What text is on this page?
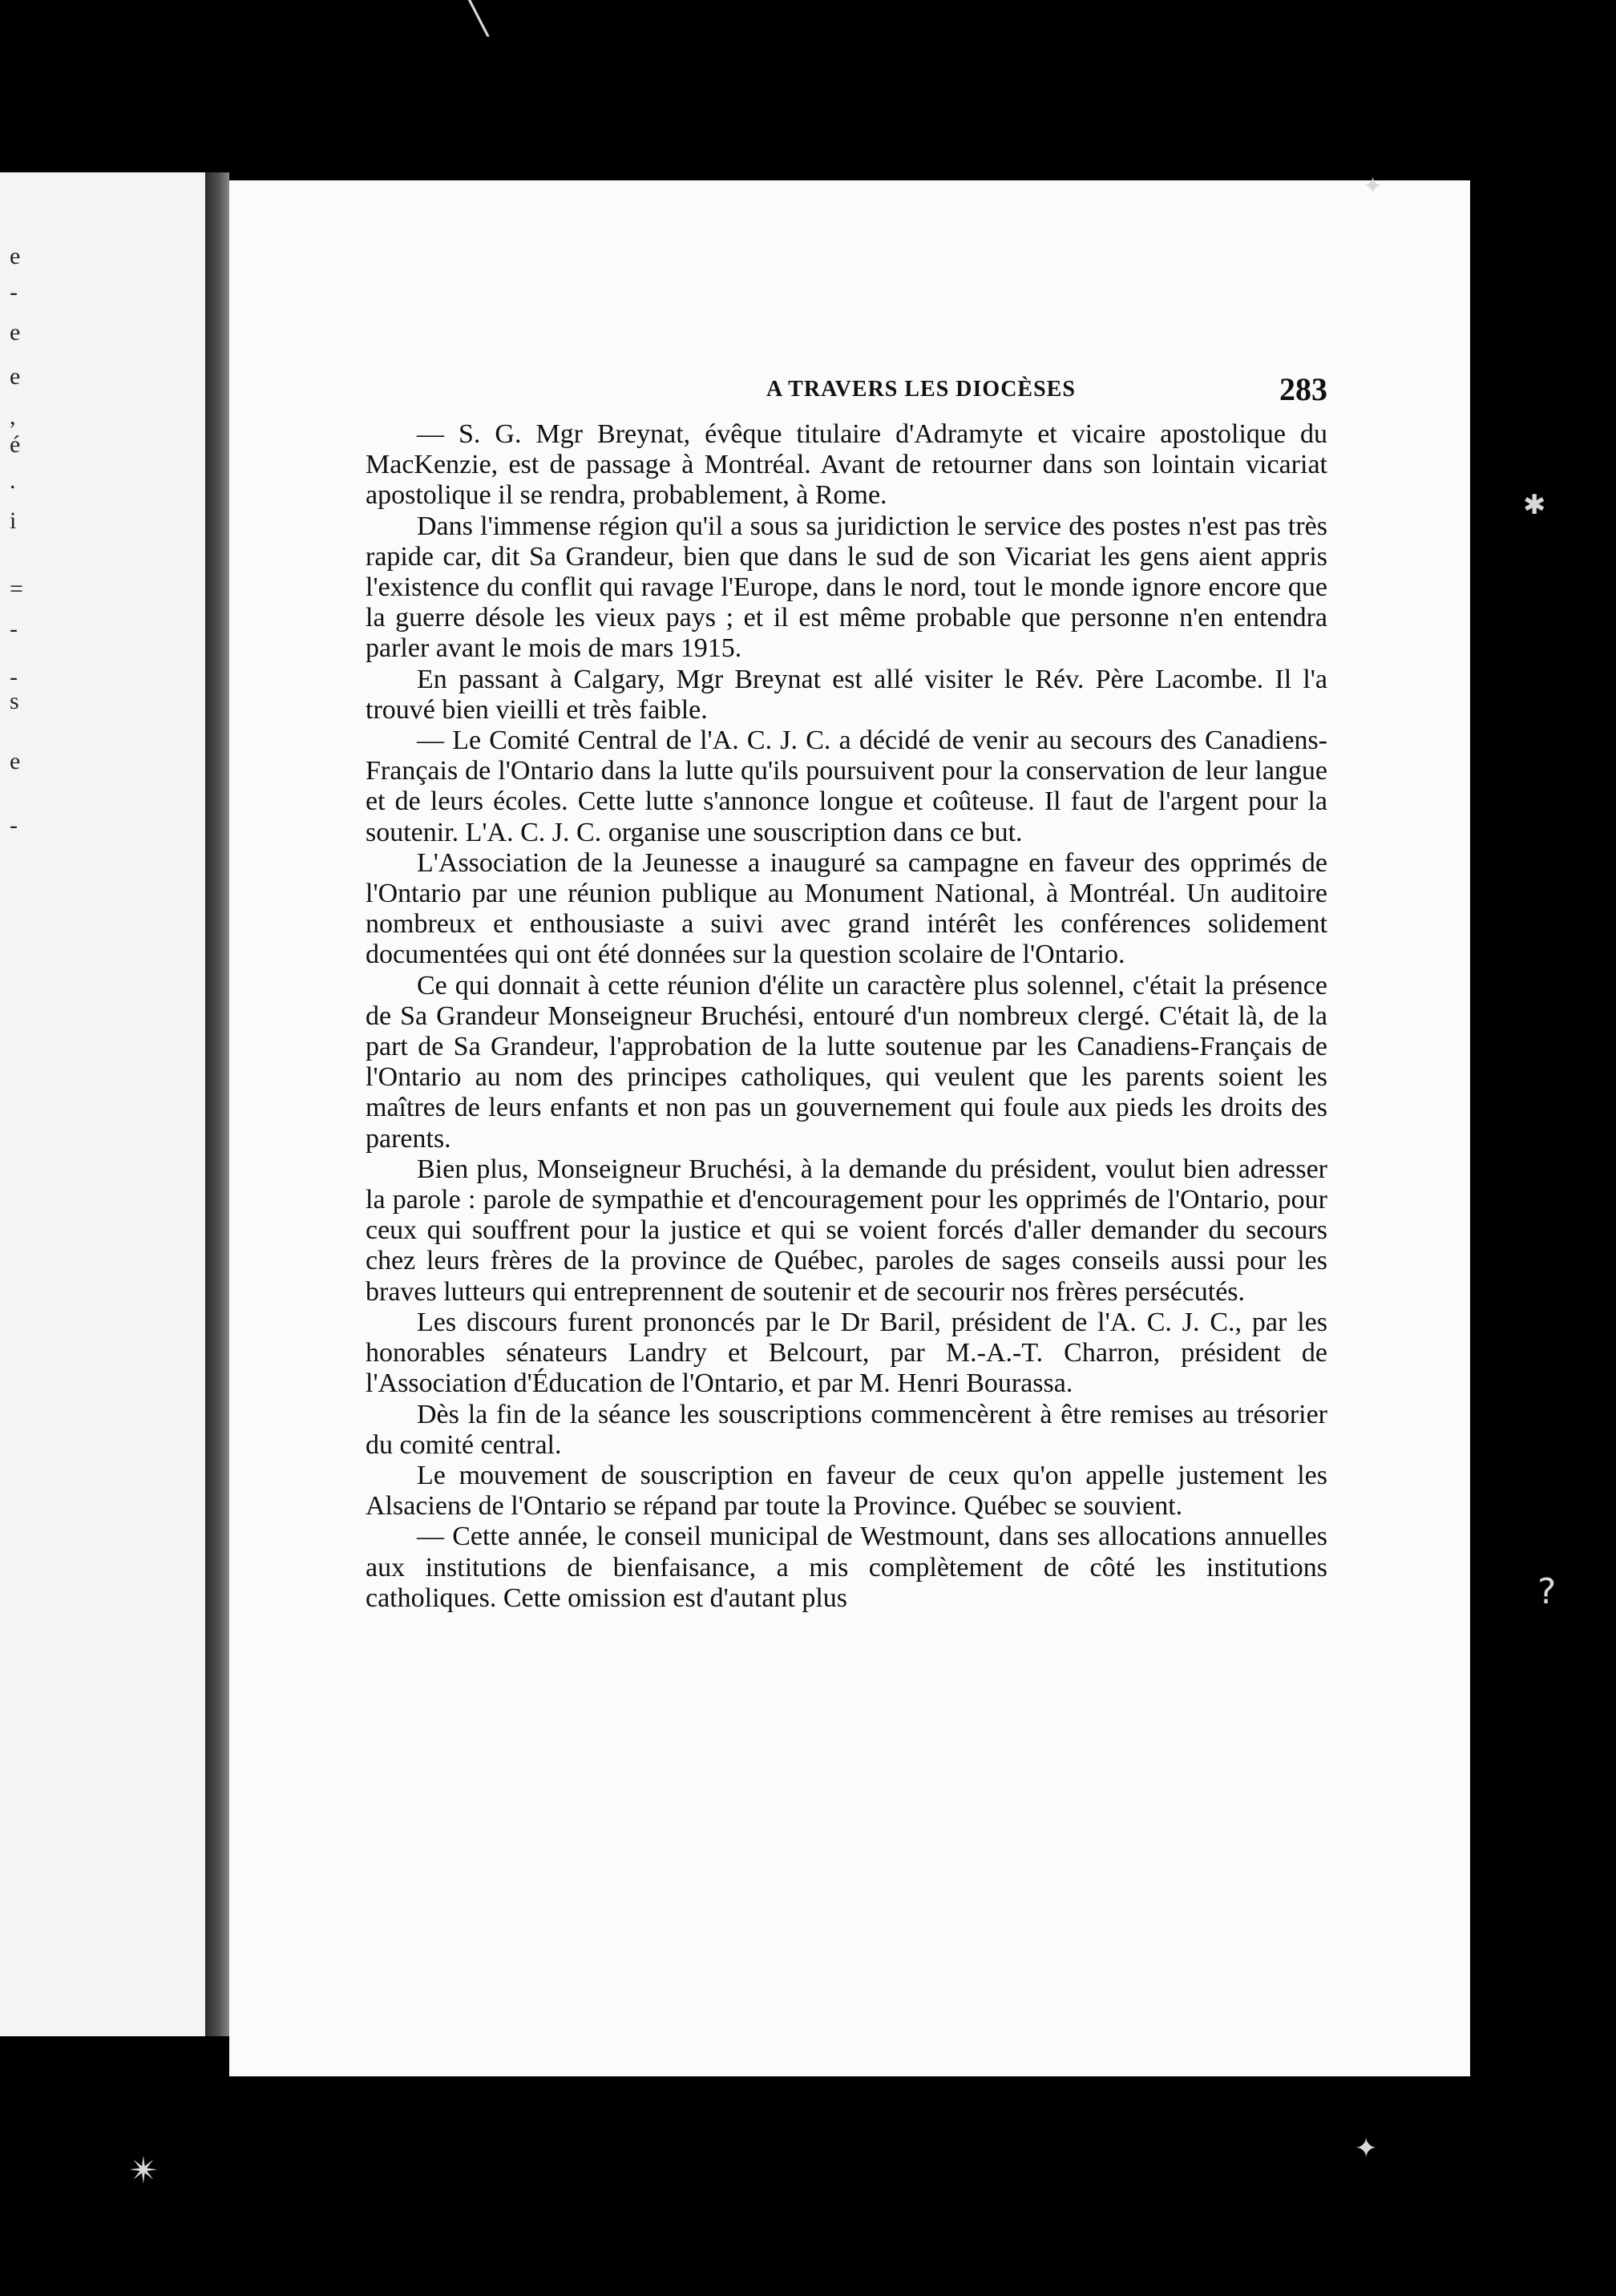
e
-
e
e
,
é
.
i
=
-
-
s
e
-
A TRAVERS LES DIOCÈSES	283

— S. G. Mgr Breynat, évêque titulaire d'Adramyte et vicaire apostolique du MacKenzie, est de passage à Montréal. Avant de retourner dans son lointain vicariat apostolique il se rendra, probablement, à Rome.

Dans l'immense région qu'il a sous sa juridiction le service des postes n'est pas très rapide car, dit Sa Grandeur, bien que dans le sud de son Vicariat les gens aient appris l'existence du conflit qui ravage l'Europe, dans le nord, tout le monde ignore encore que la guerre désole les vieux pays ; et il est même probable que personne n'en entendra parler avant le mois de mars 1915.

En passant à Calgary, Mgr Breynat est allé visiter le Rév. Père Lacombe. Il l'a trouvé bien vieilli et très faible.

— Le Comité Central de l'A. C. J. C. a décidé de venir au secours des Canadiens-Français de l'Ontario dans la lutte qu'ils poursuivent pour la conservation de leur langue et de leurs écoles. Cette lutte s'annonce longue et coûteuse. Il faut de l'argent pour la soutenir. L'A. C. J. C. organise une souscription dans ce but.

L'Association de la Jeunesse a inauguré sa campagne en faveur des opprimés de l'Ontario par une réunion publique au Monument National, à Montréal. Un auditoire nombreux et enthousiaste a suivi avec grand intérêt les conférences solidement documentées qui ont été données sur la question scolaire de l'Ontario.

Ce qui donnait à cette réunion d'élite un caractère plus solennel, c'était la présence de Sa Grandeur Monseigneur Bruchési, entouré d'un nombreux clergé. C'était là, de la part de Sa Grandeur, l'approbation de la lutte soutenue par les Canadiens-Français de l'Ontario au nom des principes catholiques, qui veulent que les parents soient les maîtres de leurs enfants et non pas un gouvernement qui foule aux pieds les droits des parents.

Bien plus, Monseigneur Bruchési, à la demande du président, voulut bien adresser la parole : parole de sympathie et d'encouragement pour les opprimés de l'Ontario, pour ceux qui souffrent pour la justice et qui se voient forcés d'aller demander du secours chez leurs frères de la province de Québec, paroles de sages conseils aussi pour les braves lutteurs qui entreprennent de soutenir et de secourir nos frères persécutés.

Les discours furent prononcés par le Dr Baril, président de l'A. C. J. C., par les honorables sénateurs Landry et Belcourt, par M.-A.-T. Charron, président de l'Association d'Éducation de l'Ontario, et par M. Henri Bourassa.

Dès la fin de la séance les souscriptions commencèrent à être remises au trésorier du comité central.

Le mouvement de souscription en faveur de ceux qu'on appelle justement les Alsaciens de l'Ontario se répand par toute la Province. Québec se souvient.

— Cette année, le conseil municipal de Westmount, dans ses allocations annuelles aux institutions de bienfaisance, a mis complètement de côté les institutions catholiques. Cette omission est d'autant plus

✦
✱
?
✴	✦
╲
